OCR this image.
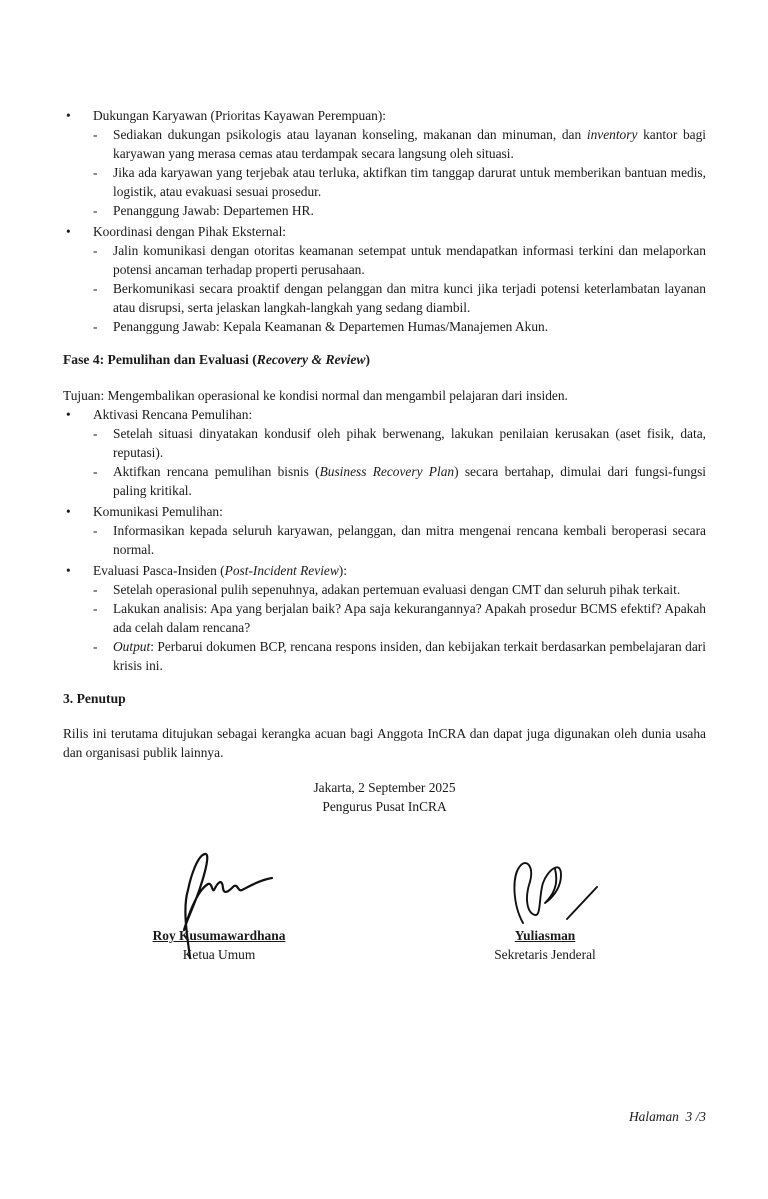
• Dukungan Karyawan (Prioritas Kayawan Perempuan):
- Sediakan dukungan psikologis atau layanan konseling, makanan dan minuman, dan inventory kantor bagi karyawan yang merasa cemas atau terdampak secara langsung oleh situasi.
- Jika ada karyawan yang terjebak atau terluka, aktifkan tim tanggap darurat untuk memberikan bantuan medis, logistik, atau evakuasi sesuai prosedur.
- Penanggung Jawab: Departemen HR.
• Koordinasi dengan Pihak Eksternal:
- Jalin komunikasi dengan otoritas keamanan setempat untuk mendapatkan informasi terkini dan melaporkan potensi ancaman terhadap properti perusahaan.
- Berkomunikasi secara proaktif dengan pelanggan dan mitra kunci jika terjadi potensi keterlambatan layanan atau disrupsi, serta jelaskan langkah-langkah yang sedang diambil.
- Penanggung Jawab: Kepala Keamanan & Departemen Humas/Manajemen Akun.
Fase 4: Pemulihan dan Evaluasi (Recovery & Review)

Tujuan: Mengembalikan operasional ke kondisi normal dan mengambil pelajaran dari insiden.

• Aktivasi Rencana Pemulihan:
- Setelah situasi dinyatakan kondusif oleh pihak berwenang, lakukan penilaian kerusakan (aset fisik, data, reputasi).
- Aktifkan rencana pemulihan bisnis (Business Recovery Plan) secara bertahap, dimulai dari fungsi-fungsi paling kritikal.
• Komunikasi Pemulihan:
- Informasikan kepada seluruh karyawan, pelanggan, dan mitra mengenai rencana kembali beroperasi secara normal.
• Evaluasi Pasca-Insiden (Post-Incident Review):
- Setelah operasional pulih sepenuhnya, adakan pertemuan evaluasi dengan CMT dan seluruh pihak terkait.
- Lakukan analisis: Apa yang berjalan baik? Apa saja kekurangannya? Apakah prosedur BCMS efektif? Apakah ada celah dalam rencana?
- Output: Perbarui dokumen BCP, rencana respons insiden, dan kebijakan terkait berdasarkan pembelajaran dari krisis ini.
3. Penutup

Rilis ini terutama ditujukan sebagai kerangka acuan bagi Anggota InCRA dan dapat juga digunakan oleh dunia usaha dan organisasi publik lainnya.

Jakarta, 2 September 2025

Pengurus Pusat InCRA

Roy Kusumawardhana
Ketua Umum
Yuliasman
Sekretaris Jenderal
Halaman  3 /3
